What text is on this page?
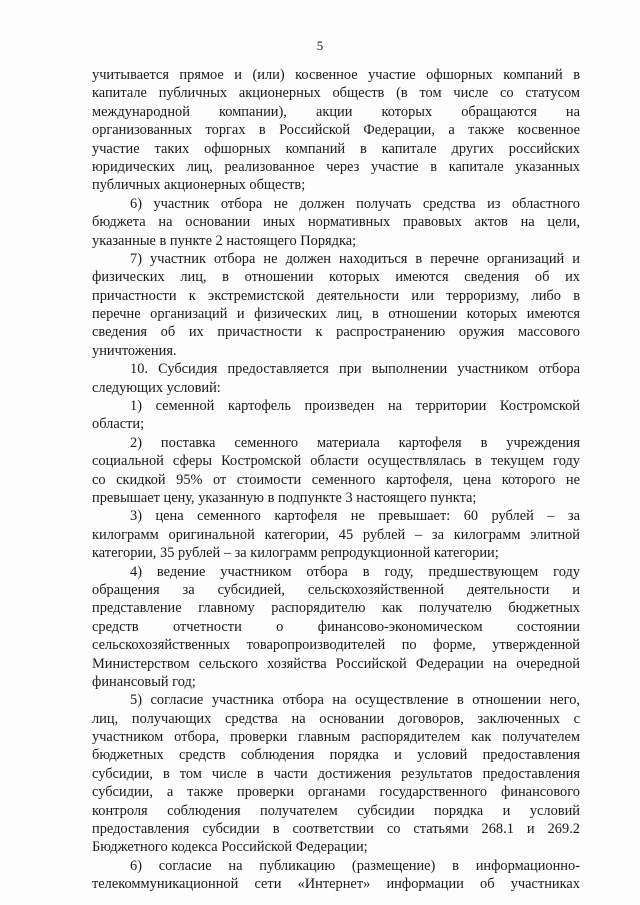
5
учитывается прямое и (или) косвенное участие офшорных компаний в
капитале публичных акционерных обществ (в том числе со статусом
международной компании), акции которых обращаются на
организованных торгах в Российской Федерации, а также косвенное
участие таких офшорных компаний в капитале других российских
юридических лиц, реализованное через участие в капитале указанных
публичных акционерных обществ;
6) участник отбора не должен получать средства из областного
бюджета на основании иных нормативных правовых актов на цели,
указанные в пункте 2 настоящего Порядка;
7) участник отбора не должен находиться в перечне организаций и
физических лиц, в отношении которых имеются сведения об их
причастности к экстремистской деятельности или терроризму, либо в
перечне организаций и физических лиц, в отношении которых имеются
сведения об их причастности к распространению оружия массового
уничтожения.
10. Субсидия предоставляется при выполнении участником отбора
следующих условий:
1) семенной картофель произведен на территории Костромской
области;
2) поставка семенного материала картофеля в учреждения
социальной сферы Костромской области осуществлялась в текущем году
со скидкой 95% от стоимости семенного картофеля, цена которого не
превышает цену, указанную в подпункте 3 настоящего пункта;
3) цена семенного картофеля не превышает: 60 рублей – за
килограмм оригинальной категории, 45 рублей – за килограмм элитной
категории, 35 рублей – за килограмм репродукционной категории;
4) ведение участником отбора в году, предшествующем году
обращения за субсидией, сельскохозяйственной деятельности и
представление главному распорядителю как получателю бюджетных
средств отчетности о финансово-экономическом состоянии
сельскохозяйственных товаропроизводителей по форме, утвержденной
Министерством сельского хозяйства Российской Федерации на очередной
финансовый год;
5) согласие участника отбора на осуществление в отношении него,
лиц, получающих средства на основании договоров, заключенных с
участником отбора, проверки главным распорядителем как получателем
бюджетных средств соблюдения порядка и условий предоставления
субсидии, в том числе в части достижения результатов предоставления
субсидии, а также проверки органами государственного финансового
контроля соблюдения получателем субсидии порядка и условий
предоставления субсидии в соответствии со статьями 268.1 и 269.2
Бюджетного кодекса Российской Федерации;
6) согласие на публикацию (размещение) в информационно-
телекоммуникационной сети «Интернет» информации об участниках
